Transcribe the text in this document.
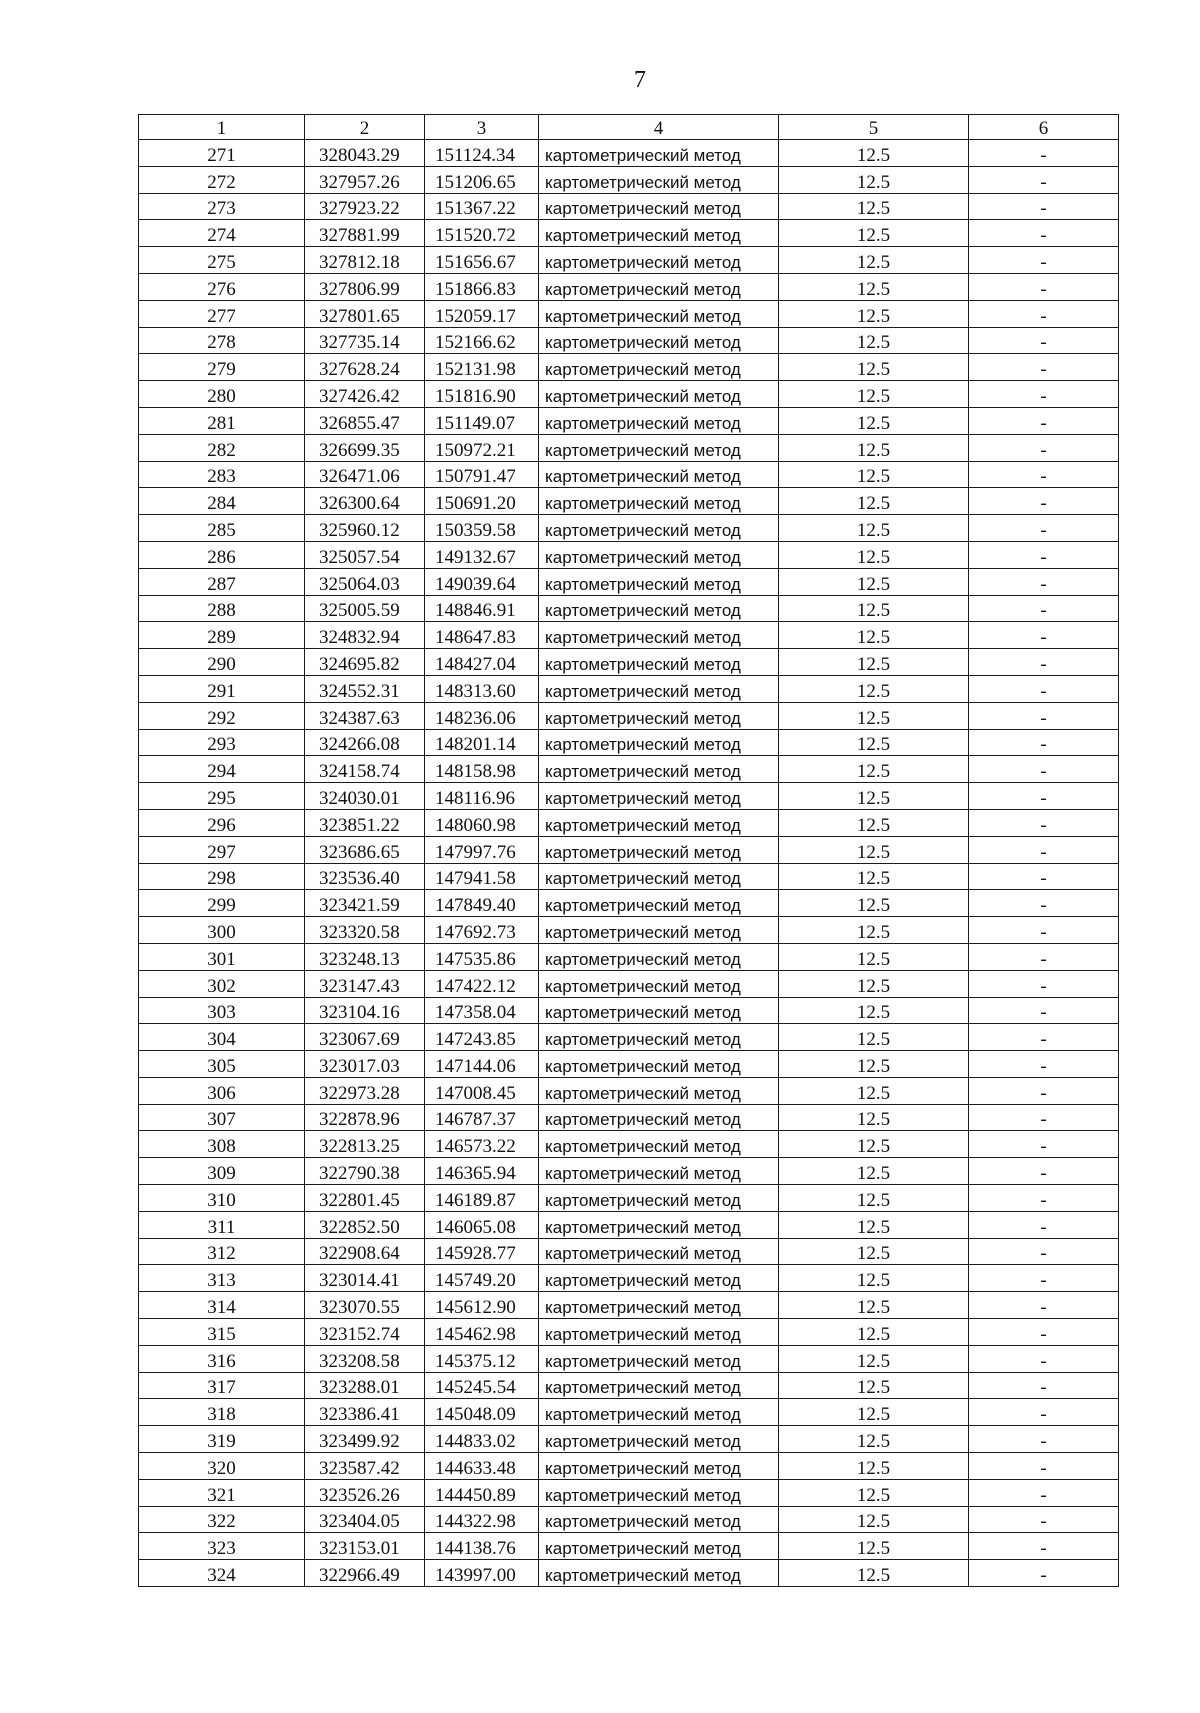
7
1	2	3	4	5	6
271	328043.29	151124.34	картометрический метод	12.5	-
272	327957.26	151206.65	картометрический метод	12.5	-
273	327923.22	151367.22	картометрический метод	12.5	-
274	327881.99	151520.72	картометрический метод	12.5	-
275	327812.18	151656.67	картометрический метод	12.5	-
276	327806.99	151866.83	картометрический метод	12.5	-
277	327801.65	152059.17	картометрический метод	12.5	-
278	327735.14	152166.62	картометрический метод	12.5	-
279	327628.24	152131.98	картометрический метод	12.5	-
280	327426.42	151816.90	картометрический метод	12.5	-
281	326855.47	151149.07	картометрический метод	12.5	-
282	326699.35	150972.21	картометрический метод	12.5	-
283	326471.06	150791.47	картометрический метод	12.5	-
284	326300.64	150691.20	картометрический метод	12.5	-
285	325960.12	150359.58	картометрический метод	12.5	-
286	325057.54	149132.67	картометрический метод	12.5	-
287	325064.03	149039.64	картометрический метод	12.5	-
288	325005.59	148846.91	картометрический метод	12.5	-
289	324832.94	148647.83	картометрический метод	12.5	-
290	324695.82	148427.04	картометрический метод	12.5	-
291	324552.31	148313.60	картометрический метод	12.5	-
292	324387.63	148236.06	картометрический метод	12.5	-
293	324266.08	148201.14	картометрический метод	12.5	-
294	324158.74	148158.98	картометрический метод	12.5	-
295	324030.01	148116.96	картометрический метод	12.5	-
296	323851.22	148060.98	картометрический метод	12.5	-
297	323686.65	147997.76	картометрический метод	12.5	-
298	323536.40	147941.58	картометрический метод	12.5	-
299	323421.59	147849.40	картометрический метод	12.5	-
300	323320.58	147692.73	картометрический метод	12.5	-
301	323248.13	147535.86	картометрический метод	12.5	-
302	323147.43	147422.12	картометрический метод	12.5	-
303	323104.16	147358.04	картометрический метод	12.5	-
304	323067.69	147243.85	картометрический метод	12.5	-
305	323017.03	147144.06	картометрический метод	12.5	-
306	322973.28	147008.45	картометрический метод	12.5	-
307	322878.96	146787.37	картометрический метод	12.5	-
308	322813.25	146573.22	картометрический метод	12.5	-
309	322790.38	146365.94	картометрический метод	12.5	-
310	322801.45	146189.87	картометрический метод	12.5	-
311	322852.50	146065.08	картометрический метод	12.5	-
312	322908.64	145928.77	картометрический метод	12.5	-
313	323014.41	145749.20	картометрический метод	12.5	-
314	323070.55	145612.90	картометрический метод	12.5	-
315	323152.74	145462.98	картометрический метод	12.5	-
316	323208.58	145375.12	картометрический метод	12.5	-
317	323288.01	145245.54	картометрический метод	12.5	-
318	323386.41	145048.09	картометрический метод	12.5	-
319	323499.92	144833.02	картометрический метод	12.5	-
320	323587.42	144633.48	картометрический метод	12.5	-
321	323526.26	144450.89	картометрический метод	12.5	-
322	323404.05	144322.98	картометрический метод	12.5	-
323	323153.01	144138.76	картометрический метод	12.5	-
324	322966.49	143997.00	картометрический метод	12.5	-
